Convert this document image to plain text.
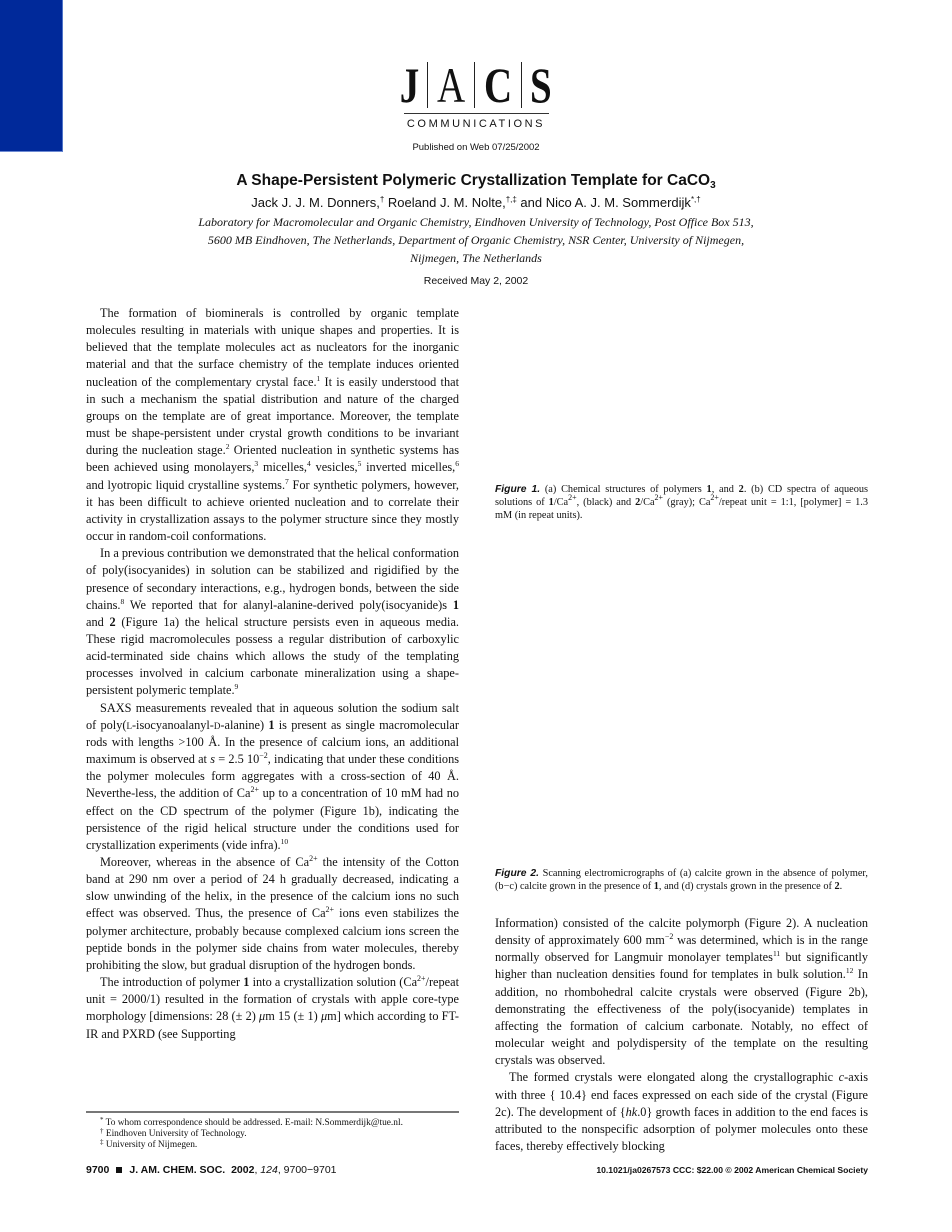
J A C S
COMMUNICATIONS
Published on Web 07/25/2002
A Shape-Persistent Polymeric Crystallization Template for CaCO$_3$
Jack J. J. M. Donners,† Roeland J. M. Nolte,†,‡ and Nico A. J. M. Sommerdijk*,†
Laboratory for Macromolecular and Organic Chemistry, Eindhoven University of Technology, Post Office Box 513,
5600 MB Eindhoven, The Netherlands, Department of Organic Chemistry, NSR Center, University of Nijmegen,
Nijmegen, The Netherlands
Received May 2, 2002

The formation of biominerals is controlled by organic template molecules resulting in materials with unique shapes and properties. It is believed that the template molecules act as nucleators for the inorganic material and that the surface chemistry of the template induces oriented nucleation of the complementary crystal face.$^1$ It is easily understood that in such a mechanism the spatial distribution and nature of the charged groups on the template are of great importance. Moreover, the template must be shape-persistent under crystal growth conditions to be invariant during the nucleation stage.$^2$ Oriented nucleation in synthetic systems has been achieved using monolayers,$^3$ micelles,$^4$ vesicles,$^5$ inverted micelles,$^6$ and lyotropic liquid crystalline systems.$^7$ For synthetic polymers, however, it has been difficult to achieve oriented nucleation and to correlate their activity in crystallization assays to the polymer structure since they mostly occur in random-coil conformations.

In a previous contribution we demonstrated that the helical conformation of poly(isocyanides) in solution can be stabilized and rigidified by the presence of secondary interactions, e.g., hydrogen bonds, between the side chains.$^8$ We reported that for alanyl-alanine-derived poly(isocyanide)s 1 and 2 (Figure 1a) the helical structure persists even in aqueous media. These rigid macromolecules possess a regular distribution of carboxylic acid-terminated side chains which allows the study of the templating processes involved in calcium carbonate mineralization using a shape-persistent polymeric template.$^9$

SAXS measurements revealed that in aqueous solution the sodium salt of poly(l-isocyanoalanyl-d-alanine) 1 is present as single macromolecular rods with lengths >100 Å. In the presence of calcium ions, an additional maximum is observed at s = 2.5 $10^{-2}$, indicating that under these conditions the polymer molecules form aggregates with a cross-section of 40 Å. Neverthe-less, the addition of $Ca^{2+}$ up to a concentration of 10 mM had no effect on the CD spectrum of the polymer (Figure 1b), indicating the persistence of the rigid helical structure under the conditions used for crystallization experiments (vide infra).$^{10}$

Moreover, whereas in the absence of $Ca^{2+}$ the intensity of the Cotton band at 290 nm over a period of 24 h gradually decreased, indicating a slow unwinding of the helix, in the presence of the calcium ions no such effect was observed. Thus, the presence of $Ca^{2+}$ ions even stabilizes the polymer architecture, probably because complexed calcium ions screen the peptide bonds in the polymer side chains from water molecules, thereby prohibiting the slow, but gradual disruption of the hydrogen bonds.

The introduction of polymer 1 into a crystallization solution ($Ca^{2+}$/repeat unit = 2000/1) resulted in the formation of crystals with apple core-type morphology [dimensions: 28 (± 2) μm 15 (± 1) μm] which according to FT-IR and PXRD (see Supporting

Figure 1. (a) Chemical structures of polymers 1, and 2. (b) CD spectra of aqueous solutions of $1/Ca^{2+}$, (black) and $2/Ca^{2+}$ (gray); $Ca^{2+}$/repeat unit = 1:1, [polymer] = 1.3 mM (in repeat units).
Figure 2. Scanning electromicrographs of (a) calcite grown in the absence of polymer, (b−c) calcite grown in the presence of 1, and (d) crystals grown in the presence of 2.

Information) consisted of the calcite polymorph (Figure 2). A nucleation density of approximately 600 $mm^{-2}$ was determined, which is in the range normally observed for Langmuir monolayer templates$^{11}$ but significantly higher than nucleation densities found for templates in bulk solution.$^{12}$ In addition, no rhombohedral calcite crystals were observed (Figure 2b), demonstrating the effectiveness of the poly(isocyanide) templates in affecting the formation of calcium carbonate. Notably, no effect of molecular weight and polydispersity of the template on the resulting crystals was observed.

The formed crystals were elongated along the crystallographic c-axis with three { 10.4} end faces expressed on each side of the crystal (Figure 2c). The development of {hk.0} growth faces in addition to the end faces is attributed to the nonspecific adsorption of polymer molecules onto these faces, thereby effectively blocking

* To whom correspondence should be addressed. E-mail: N.Sommerdijk@tue.nl.
† Eindhoven University of Technology.
‡ University of Nijmegen.
9700 J. AM. CHEM. SOC. 2002, 124, 9700−9701	10.1021/ja0267573 CCC: $22.00 © 2002 American Chemical Society
